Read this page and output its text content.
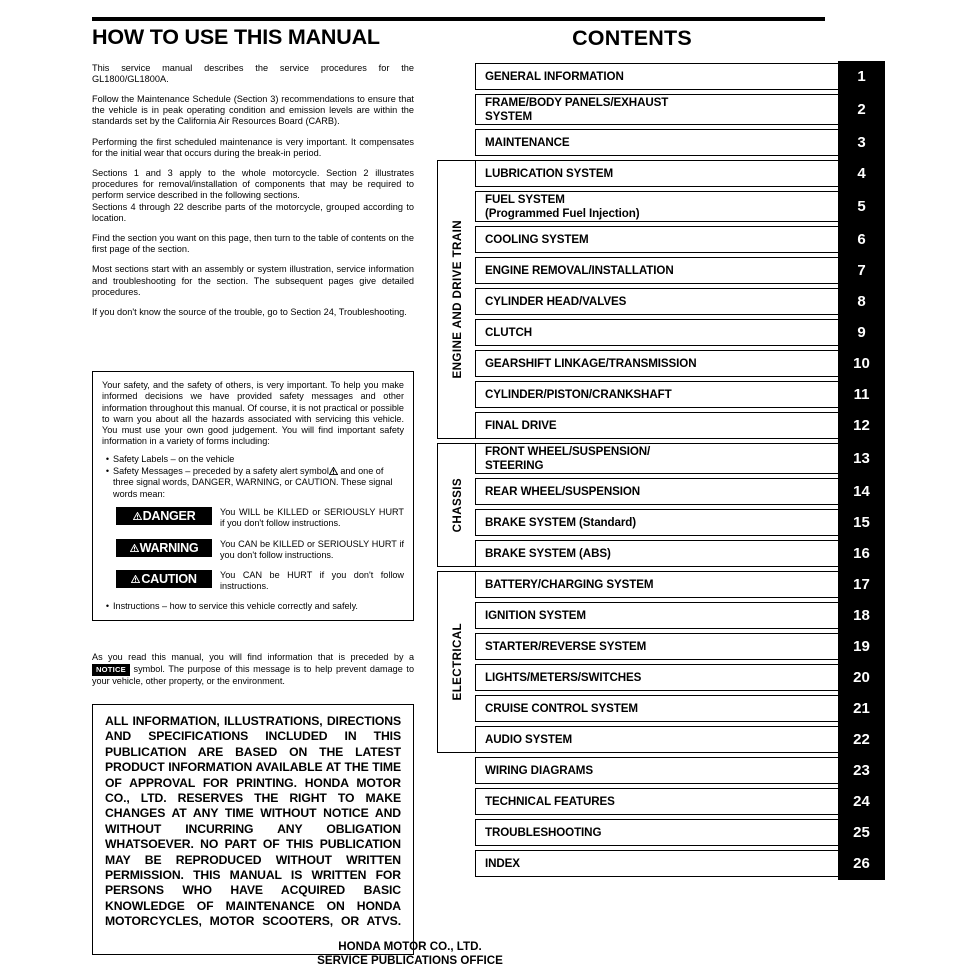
HOW TO USE THIS MANUAL

This service manual describes the service procedures for the GL1800/GL1800A.

Follow the Maintenance Schedule (Section 3) recommendations to ensure that the vehicle is in peak operating condition and emission levels are within the standards set by the California Air Resources Board (CARB).

Performing the first scheduled maintenance is very important. It compensates for the initial wear that occurs during the break-in period.

Sections 1 and 3 apply to the whole motorcycle. Section 2 illustrates procedures for removal/installation of components that may be required to perform service described in the following sections.

Sections 4 through 22 describe parts of the motorcycle, grouped according to location.

Find the section you want on this page, then turn to the table of contents on the first page of the section.

Most sections start with an assembly or system illustration, service information and troubleshooting for the section. The subsequent pages give detailed procedures.

If you don't know the source of the trouble, go to Section 24, Troubleshooting.

Your safety, and the safety of others, is very important. To help you make informed decisions we have provided safety messages and other information throughout this manual. Of course, it is not practical or possible to warn you about all the hazards associated with servicing this vehicle. You must use your own good judgement. You will find important safety information in a variety of forms including:

• Safety Labels – on the vehicle
• Safety Messages – preceded by a safety alert symbol and one of three signal words, DANGER, WARNING, or CAUTION. These signal words mean:
DANGER	You WILL be KILLED or SERIOUSLY HURT if you don't follow instructions.
WARNING	You CAN be KILLED or SERIOUSLY HURT if you don't follow instructions.
CAUTION	You CAN be HURT if you don't follow instructions.
• Instructions – how to service this vehicle correctly and safely.

As you read this manual, you will find information that is preceded by a NOTICE symbol. The purpose of this message is to help prevent damage to your vehicle, other property, or the environment.

ALL INFORMATION, ILLUSTRATIONS, DIRECTIONS AND SPECIFICATIONS INCLUDED IN THIS PUBLICATION ARE BASED ON THE LATEST PRODUCT INFORMATION AVAILABLE AT THE TIME OF APPROVAL FOR PRINTING. HONDA MOTOR CO., LTD. RESERVES THE RIGHT TO MAKE CHANGES AT ANY TIME WITHOUT NOTICE AND WITHOUT INCURRING ANY OBLIGATION WHATSOEVER. NO PART OF THIS PUBLICATION MAY BE REPRODUCED WITHOUT WRITTEN PERMISSION. THIS MANUAL IS WRITTEN FOR PERSONS WHO HAVE ACQUIRED BASIC KNOWLEDGE OF MAINTENANCE ON HONDA MOTORCYCLES, MOTOR SCOOTERS, OR ATVS.

HONDA MOTOR CO., LTD.
SERVICE PUBLICATIONS OFFICE
CONTENTS
GENERAL INFORMATION	1
FRAME/BODY PANELS/EXHAUST
SYSTEM	2
MAINTENANCE	3
LUBRICATION SYSTEM	4
FUEL SYSTEM
(Programmed Fuel Injection)	5
COOLING SYSTEM	6
ENGINE REMOVAL/INSTALLATION	7
CYLINDER HEAD/VALVES	8
CLUTCH	9
GEARSHIFT LINKAGE/TRANSMISSION	10
CYLINDER/PISTON/CRANKSHAFT	11
FINAL DRIVE	12
FRONT WHEEL/SUSPENSION/
STEERING	13
REAR WHEEL/SUSPENSION	14
BRAKE SYSTEM (Standard)	15
BRAKE SYSTEM (ABS)	16
BATTERY/CHARGING SYSTEM	17
IGNITION SYSTEM	18
STARTER/REVERSE SYSTEM	19
LIGHTS/METERS/SWITCHES	20
CRUISE CONTROL SYSTEM	21
AUDIO SYSTEM	22
WIRING DIAGRAMS	23
TECHNICAL FEATURES	24
TROUBLESHOOTING	25
INDEX	26
ENGINE AND DRIVE TRAIN
CHASSIS
ELECTRICAL
